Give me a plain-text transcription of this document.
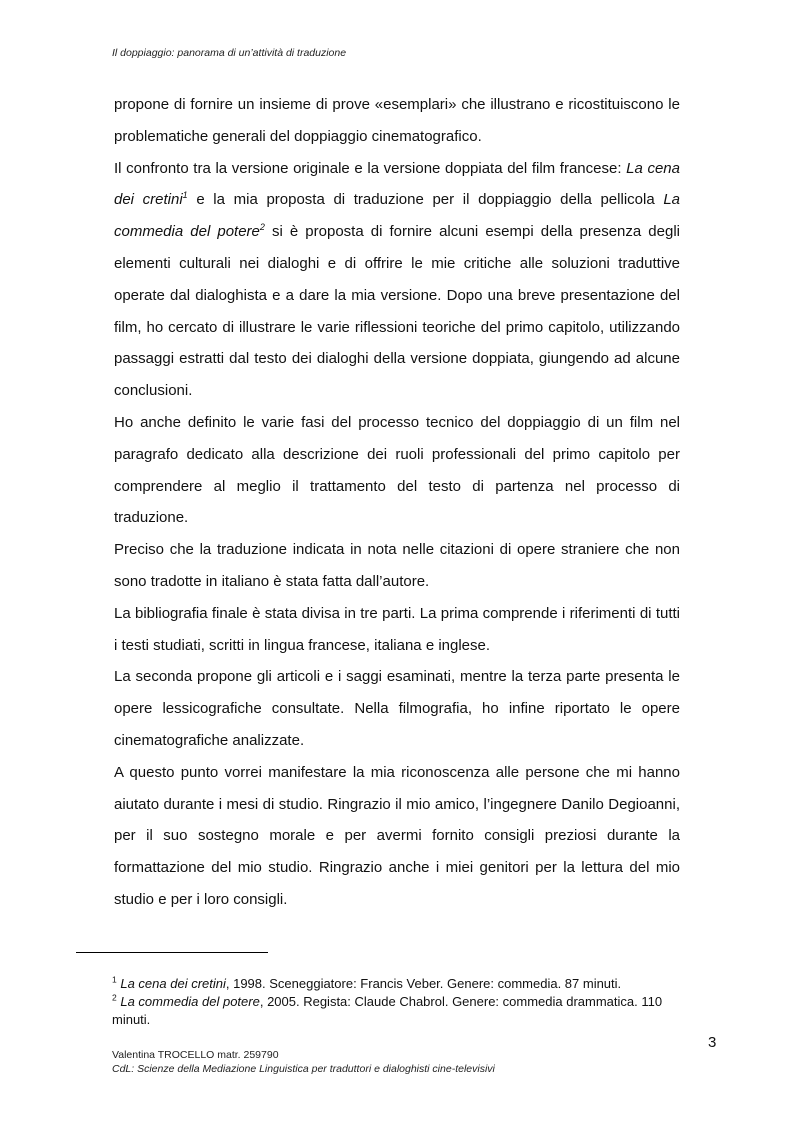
Il doppiaggio: panorama di un’attività di traduzione

propone di fornire un insieme di prove «esemplari» che illustrano e ricostituiscono le problematiche generali del doppiaggio cinematografico.

Il confronto tra la versione originale e la versione doppiata del film francese: La cena dei cretini$^1$ e la mia proposta di traduzione per il doppiaggio della pellicola La commedia del potere$^2$ si è proposta di fornire alcuni esempi della presenza degli elementi culturali nei dialoghi e di offrire le mie critiche alle soluzioni traduttive operate dal dialoghista e a dare la mia versione. Dopo una breve presentazione del film, ho cercato di illustrare le varie riflessioni teoriche del primo capitolo, utilizzando passaggi estratti dal testo dei dialoghi della versione doppiata, giungendo ad alcune conclusioni.

Ho anche definito le varie fasi del processo tecnico del doppiaggio di un film nel paragrafo dedicato alla descrizione dei ruoli professionali del primo capitolo per comprendere al meglio il trattamento del testo di partenza nel processo di traduzione.

Preciso che la traduzione indicata in nota nelle citazioni di opere straniere che non sono tradotte in italiano è stata fatta dall’autore.

La bibliografia finale è stata divisa in tre parti. La prima comprende i riferimenti di tutti i testi studiati, scritti in lingua francese, italiana e inglese.

La seconda propone gli articoli e i saggi esaminati, mentre la terza parte presenta le opere lessicografiche consultate. Nella filmografia, ho infine riportato le opere cinematografiche analizzate.

A questo punto vorrei manifestare la mia riconoscenza alle persone che mi hanno aiutato durante i mesi di studio. Ringrazio il mio amico, l’ingegnere Danilo Degioanni, per il suo sostegno morale e per avermi fornito consigli preziosi durante la formattazione del mio studio. Ringrazio anche i miei genitori per la lettura del mio studio e per i loro consigli.

$^1$ La cena dei cretini, 1998. Sceneggiatore: Francis Veber. Genere: commedia. 87 minuti.

$^2$ La commedia del potere, 2005. Regista: Claude Chabrol. Genere: commedia drammatica. 110 minuti.

3
Valentina TROCELLO matr. 259790
CdL: Scienze della Mediazione Linguistica per traduttori e dialoghisti cine-televisivi
